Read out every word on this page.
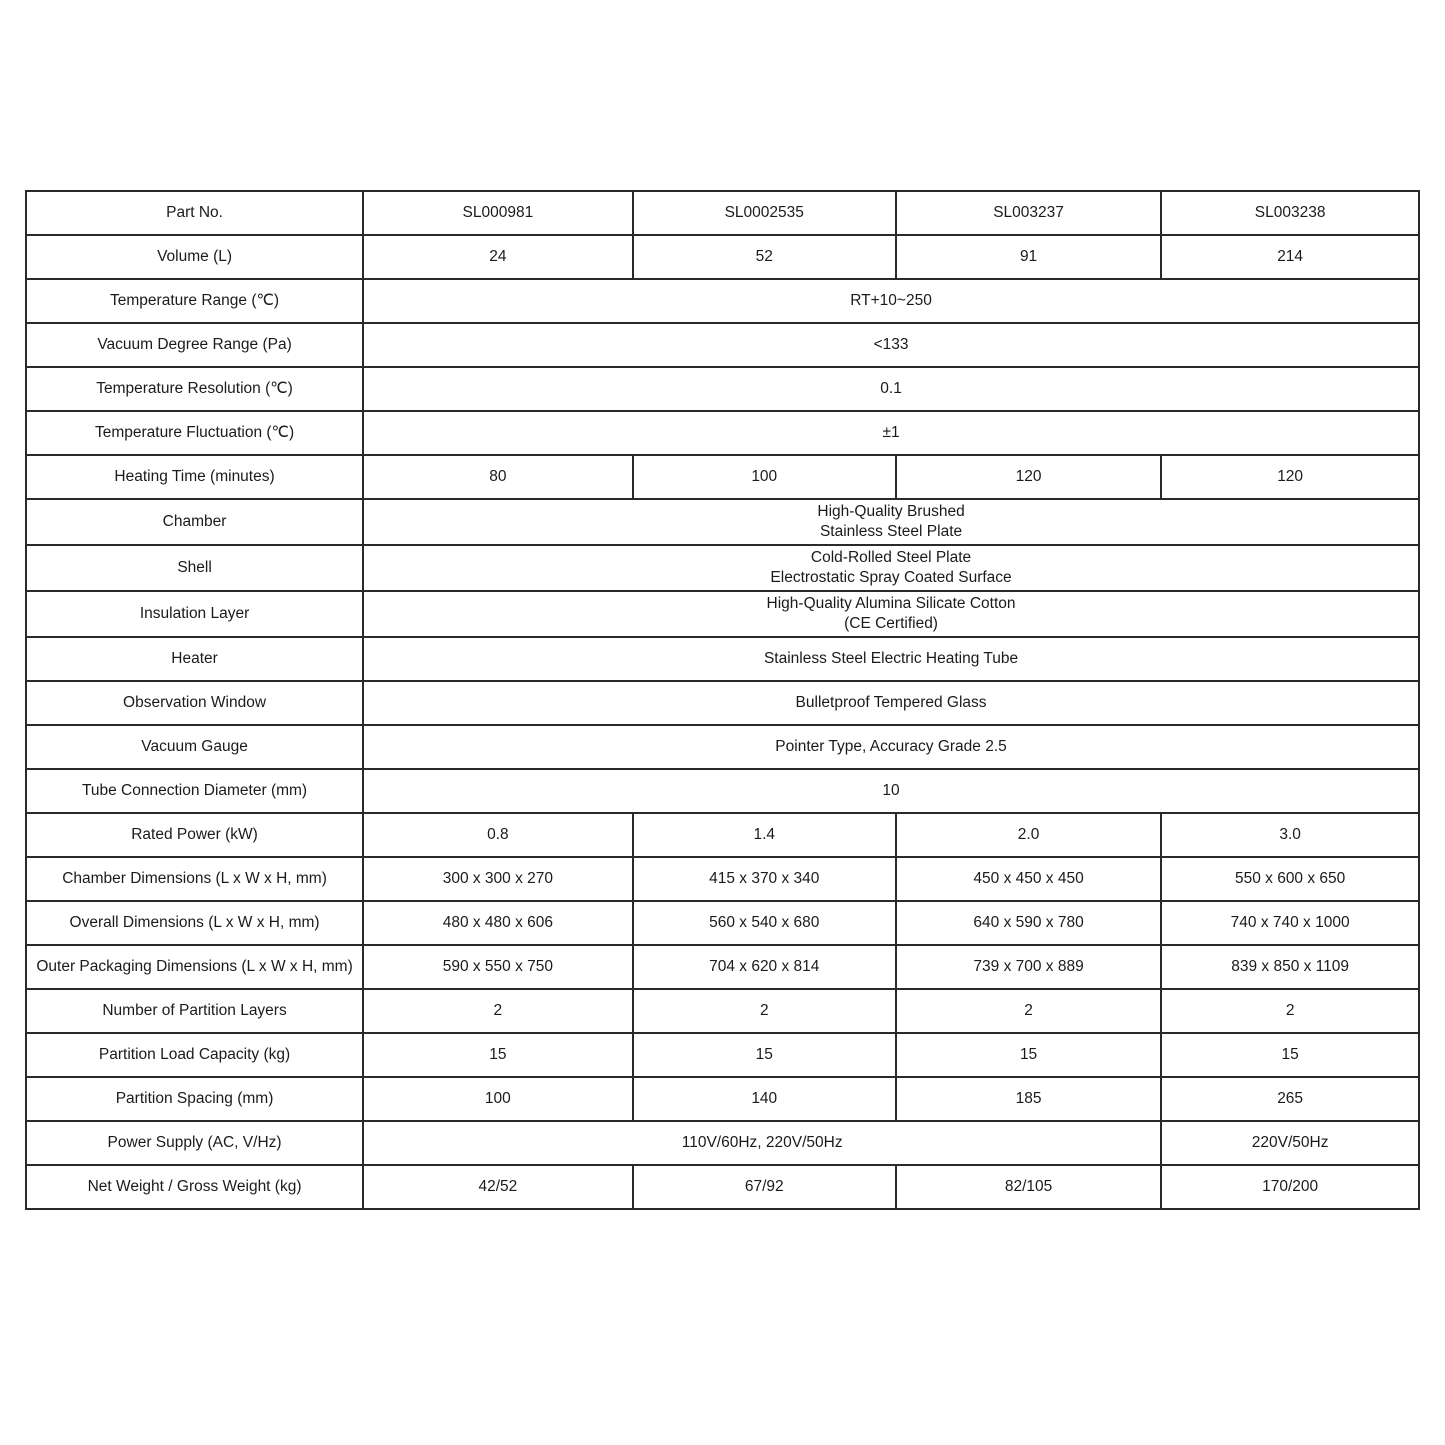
Part No.	SL000981	SL0002535	SL003237	SL003238
Volume (L)	24	52	91	214
Temperature Range (℃)	RT+10~250			

Vacuum Degree Range (Pa)	<133			

Temperature Resolution (℃)	0.1			

Temperature Fluctuation (℃)	±1			

Heating Time (minutes)	80	100	120	120
Chamber	High-Quality Brushed
Stainless Steel Plate			

Shell	Cold-Rolled Steel Plate
Electrostatic Spray Coated Surface			

Insulation Layer	High-Quality Alumina Silicate Cotton
(CE Certified)			

Heater	Stainless Steel Electric Heating Tube			

Observation Window	Bulletproof Tempered Glass			

Vacuum Gauge	Pointer Type, Accuracy Grade 2.5			

Tube Connection Diameter (mm)	10			

Rated Power (kW)	0.8	1.4	2.0	3.0
Chamber Dimensions (L x W x H, mm)	300 x 300 x 270	415 x 370 x 340	450 x 450 x 450	550 x 600 x 650
Overall Dimensions (L x W x H, mm)	480 x 480 x 606	560 x 540 x 680	640 x 590 x 780	740 x 740 x 1000
Outer Packaging Dimensions (L x W x H, mm)	590 x 550 x 750	704 x 620 x 814	739 x 700 x 889	839 x 850 x 1109
Number of Partition Layers	2	2	2	2
Partition Load Capacity (kg)	15	15	15	15
Partition Spacing (mm)	100	140	185	265
Power Supply (AC, V/Hz)	110V/60Hz, 220V/50Hz			220V/50Hz
Net Weight / Gross Weight (kg)	42/52	67/92	82/105	170/200
